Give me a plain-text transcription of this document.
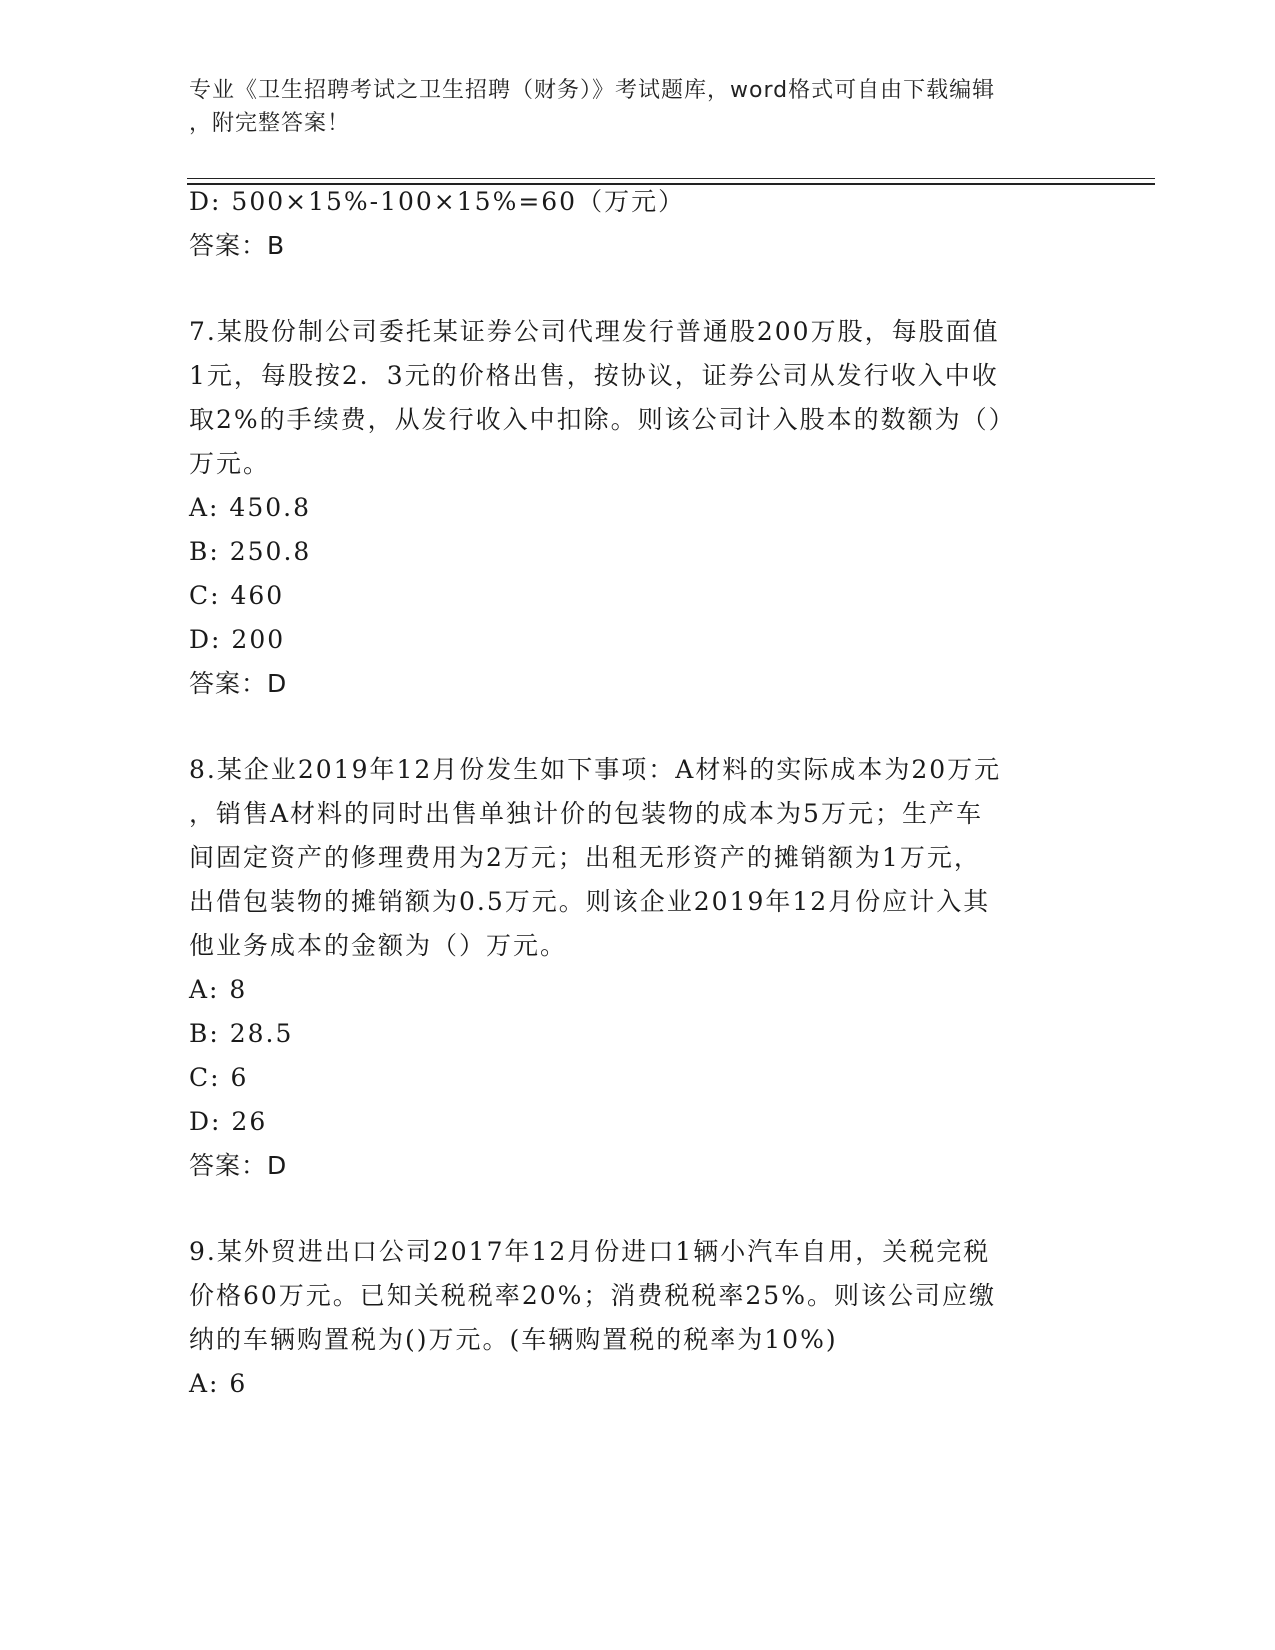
专业《卫生招聘考试之卫生招聘（财务）》考试题库，word格式可自由下载编辑
，附完整答案！
D: 500×15%-100×15%=60（万元）
答案：B
7.某股份制公司委托某证券公司代理发行普通股200万股，每股面值
1元，每股按2．3元的价格出售，按协议，证券公司从发行收入中收
取2%的手续费，从发行收入中扣除。则该公司计入股本的数额为（）
万元。
A: 450.8
B: 250.8
C: 460
D: 200
答案：D
8.某企业2019年12月份发生如下事项：A材料的实际成本为20万元
，销售A材料的同时出售单独计价的包装物的成本为5万元；生产车
间固定资产的修理费用为2万元；出租无形资产的摊销额为1万元，
出借包装物的摊销额为0.5万元。则该企业2019年12月份应计入其
他业务成本的金额为（）万元。
A: 8
B: 28.5
C: 6
D: 26
答案：D
9.某外贸进出口公司2017年12月份进口1辆小汽车自用，关税完税
价格60万元。已知关税税率20%；消费税税率25%。则该公司应缴
纳的车辆购置税为()万元。(车辆购置税的税率为10%)
A: 6
